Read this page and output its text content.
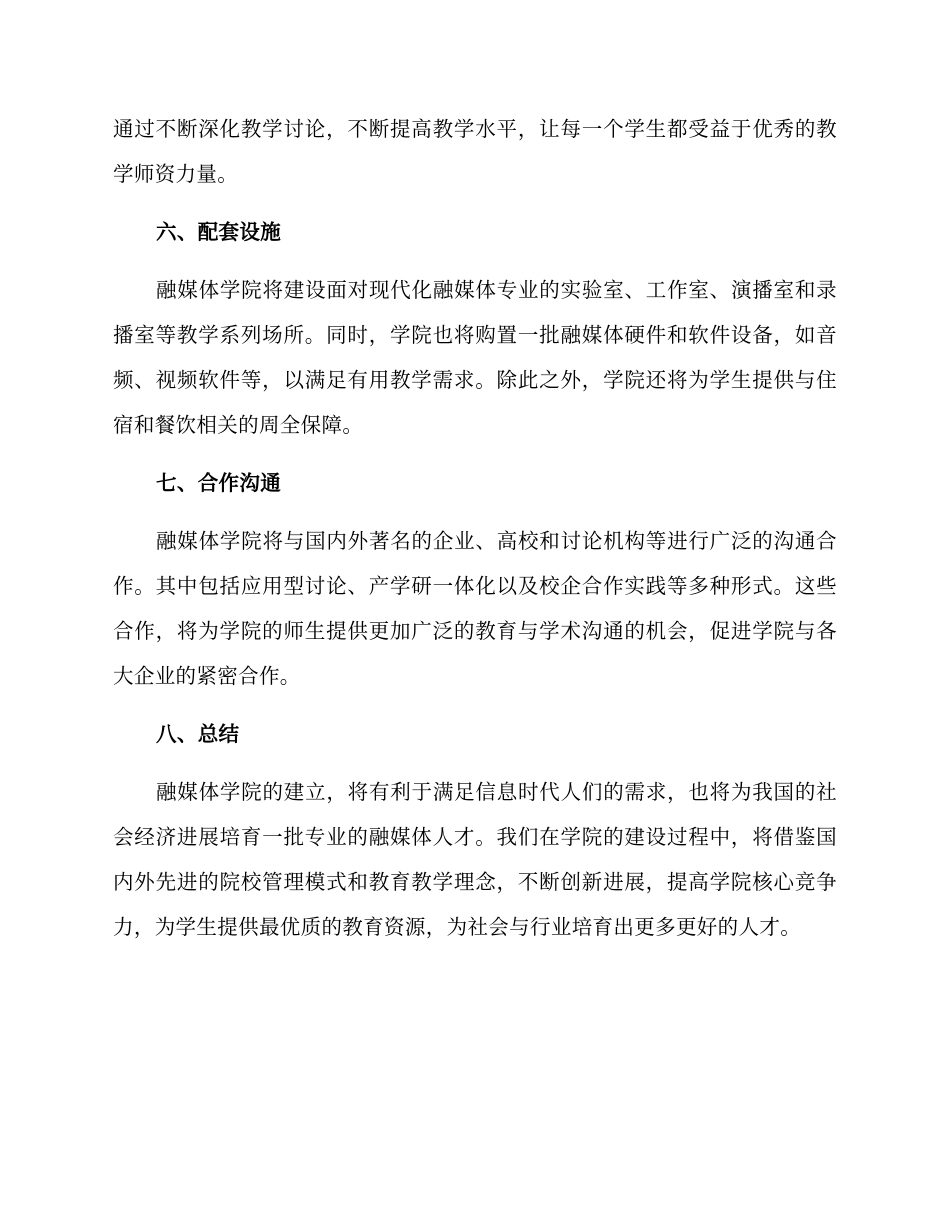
通过不断深化教学讨论，不断提高教学水平，让每一个学生都受益于优秀的教学师资力量。

六、配套设施

融媒体学院将建设面对现代化融媒体专业的实验室、工作室、演播室和录播室等教学系列场所。同时，学院也将购置一批融媒体硬件和软件设备，如音频、视频软件等，以满足有用教学需求。除此之外，学院还将为学生提供与住宿和餐饮相关的周全保障。

七、合作沟通

融媒体学院将与国内外著名的企业、高校和讨论机构等进行广泛的沟通合作。其中包括应用型讨论、产学研一体化以及校企合作实践等多种形式。这些合作，将为学院的师生提供更加广泛的教育与学术沟通的机会，促进学院与各大企业的紧密合作。

八、总结

融媒体学院的建立，将有利于满足信息时代人们的需求，也将为我国的社会经济进展培育一批专业的融媒体人才。我们在学院的建设过程中，将借鉴国内外先进的院校管理模式和教育教学理念，不断创新进展，提高学院核心竞争力，为学生提供最优质的教育资源，为社会与行业培育出更多更好的人才。
